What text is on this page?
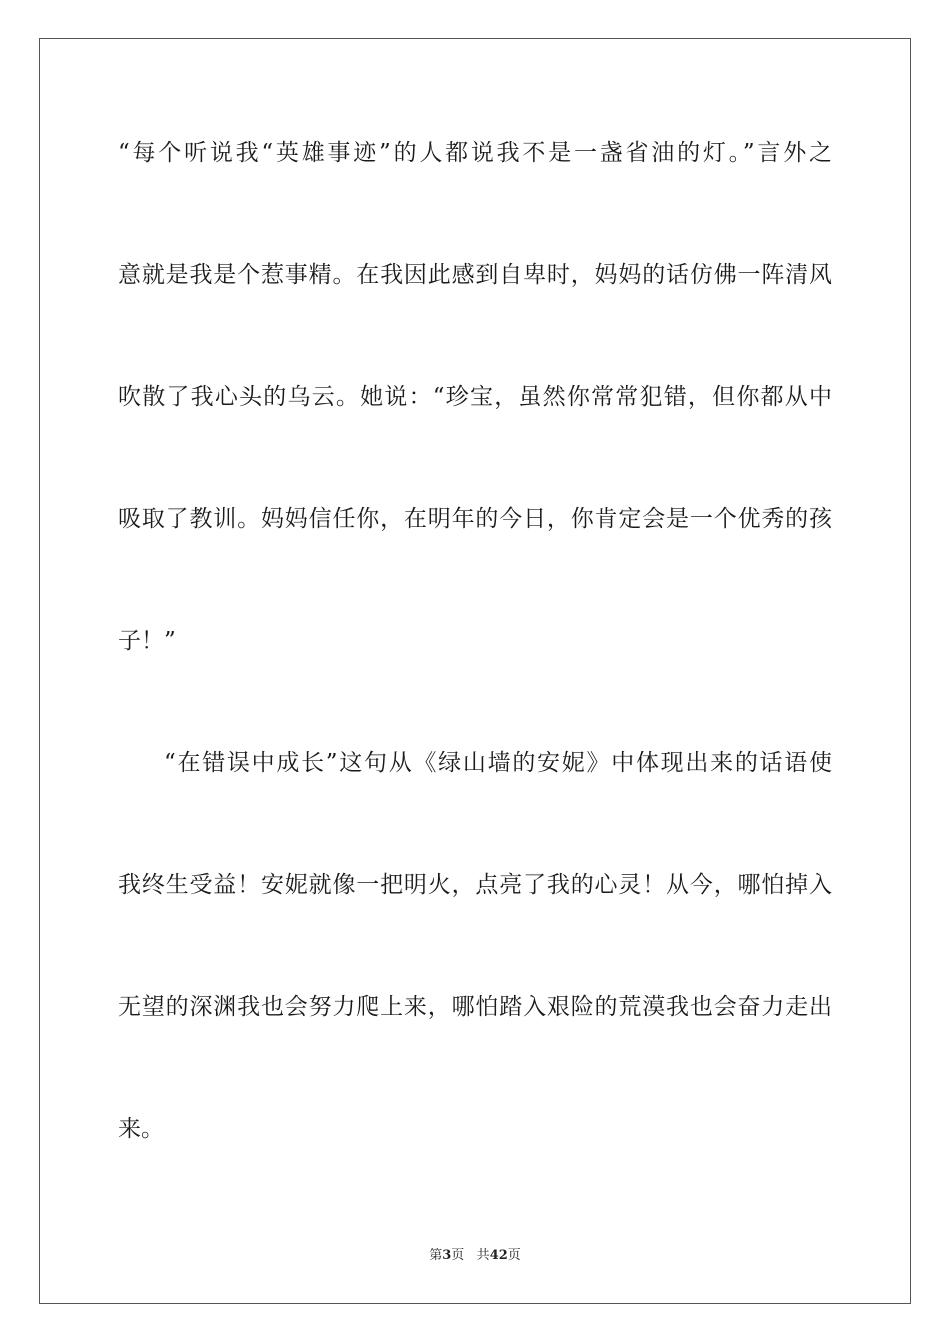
“每个听说我“英雄事迹”的人都说我不是一盏省油的灯。”言外之
意就是我是个惹事精。在我因此感到自卑时，妈妈的话仿佛一阵清风
吹散了我心头的乌云。她说：“珍宝，虽然你常常犯错，但你都从中
吸取了教训。妈妈信任你，在明年的今日，你肯定会是一个优秀的孩
子！”
“在错误中成长”这句从《绿山墙的安妮》中体现出来的话语使
我终生受益！安妮就像一把明火，点亮了我的心灵！从今，哪怕掉入
无望的深渊我也会努力爬上来，哪怕踏入艰险的荒漠我也会奋力走出
来。
第3页 共42页
